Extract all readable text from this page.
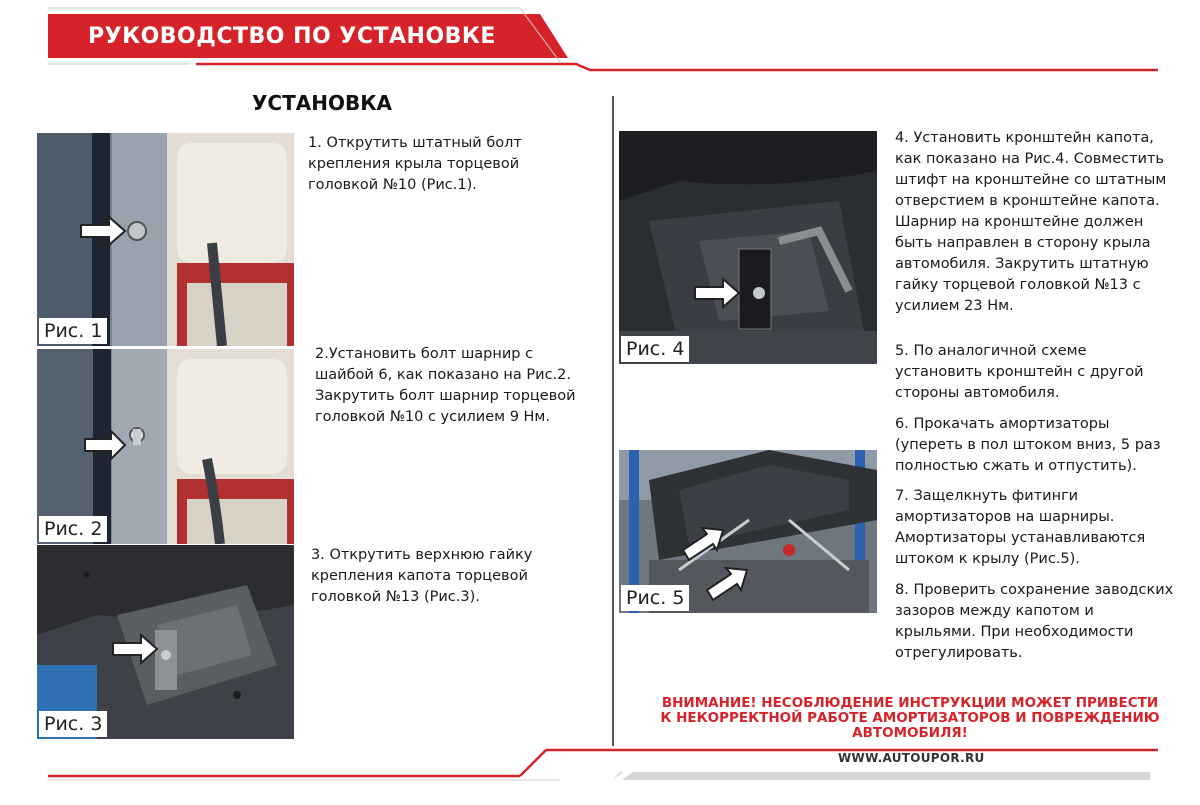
РУКОВОДСТВО ПО УСТАНОВКЕ
УСТАНОВКА
Рис. 1
Рис. 2
Рис. 3
Рис. 4
Рис. 5
1. Открутить штатный болт крепления крыла торцевой головкой №10 (Рис.1).
2.Установить болт шарнир с шайбой 6, как показано на Рис.2. Закрутить болт шарнир торцевой головкой №10 с усилием 9 Нм.
3. Открутить верхнюю гайку крепления капота торцевой головкой №13 (Рис.3).
4. Установить кронштейн капота, как показано на Рис.4. Совместить штифт на кронштейне со штатным отверстием в кронштейне капота. Шарнир на кронштейне должен быть направлен в сторону крыла автомобиля. Закрутить штатную гайку торцевой головкой №13 с усилием 23 Нм.
5. По аналогичной схеме установить кронштейн с другой стороны автомобиля.
6. Прокачать амортизаторы (упереть в пол штоком вниз, 5 раз полностью сжать и отпустить).
7. Защелкнуть фитинги амортизаторов на шарниры. Амортизаторы устанавливаются штоком к крылу (Рис.5).
8. Проверить сохранение заводских зазоров между капотом и крыльями. При необходимости отрегулировать.
ВНИМАНИЕ! НЕСОБЛЮДЕНИЕ ИНСТРУКЦИИ МОЖЕТ ПРИВЕСТИ К НЕКОРРЕКТНОЙ РАБОТЕ АМОРТИЗАТОРОВ И ПОВРЕЖДЕНИЮ АВТОМОБИЛЯ!
WWW.AUTOUPOR.RU
